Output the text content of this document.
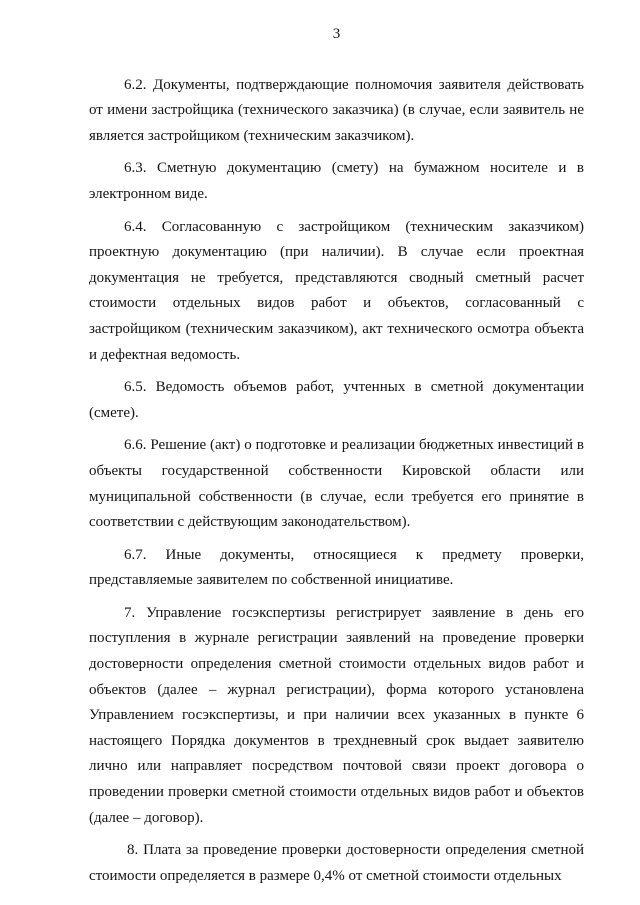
3

6.2. Документы, подтверждающие полномочия заявителя действовать от имени застройщика (технического заказчика) (в случае, если заявитель не является застройщиком (техническим заказчиком).

6.3. Сметную документацию (смету) на бумажном носителе и в электронном виде.

6.4. Согласованную с застройщиком (техническим заказчиком) проектную документацию (при наличии). В случае если проектная документация не требуется, представляются сводный сметный расчет стоимости отдельных видов работ и объектов, согласованный с застройщиком (техническим заказчиком), акт технического осмотра объекта и дефектная ведомость.

6.5. Ведомость объемов работ, учтенных в сметной документации (смете).

6.6. Решение (акт) о подготовке и реализации бюджетных инвестиций в объекты государственной собственности Кировской области или муниципальной собственности (в случае, если требуется его принятие в соответствии с действующим законодательством).

6.7. Иные документы, относящиеся к предмету проверки, представляемые заявителем по собственной инициативе.

7. Управление госэкспертизы регистрирует заявление в день его поступления в журнале регистрации заявлений на проведение проверки достоверности определения сметной стоимости отдельных видов работ и объектов (далее – журнал регистрации), форма которого установлена Управлением госэкспертизы, и при наличии всех указанных в пункте 6 настоящего Порядка документов в трехдневный срок выдает заявителю лично или направляет посредством почтовой связи проект договора о проведении проверки сметной стоимости отдельных видов работ и объектов (далее – договор).

8. Плата за проведение проверки достоверности определения сметной стоимости определяется в размере 0,4% от сметной стоимости отдельных
